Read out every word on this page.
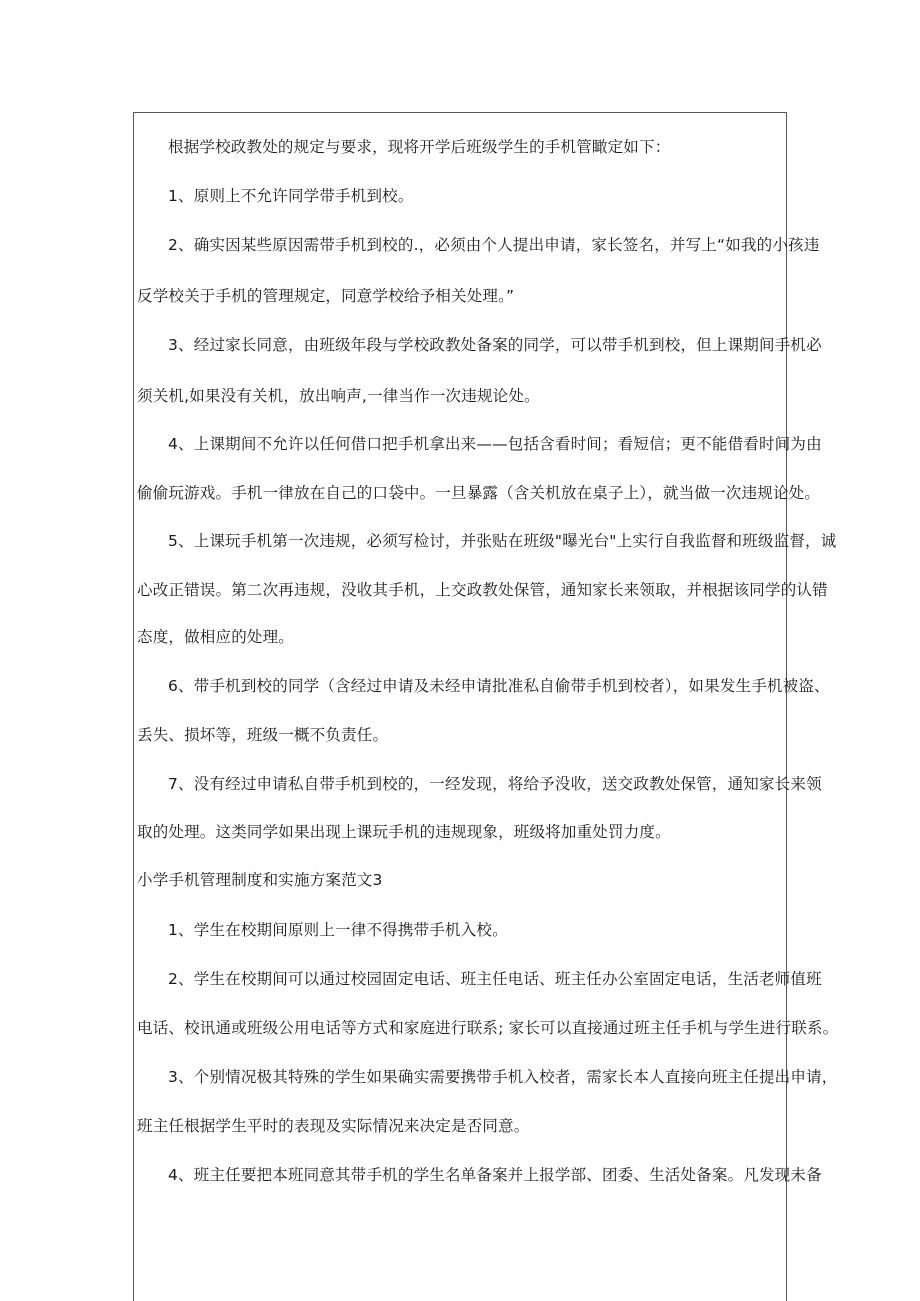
根据学校政教处的规定与要求，现将开学后班级学生的手机管瞰定如下：
1、原则上不允许同学带手机到校。
2、确实因某些原因需带手机到校的.，必须由个人提出申请，家长签名，并写上“如我的小孩违
反学校关于手机的管理规定，同意学校给予相关处理。”
3、经过家长同意，由班级年段与学校政教处备案的同学，可以带手机到校，但上课期间手机必
须关机,如果没有关机，放出响声,一律当作一次违规论处。
4、上课期间不允许以任何借口把手机拿出来——包括含看时间；看短信；更不能借看时间为由
偷偷玩游戏。手机一律放在自己的口袋中。一旦暴露（含关机放在桌子上），就当做一次违规论处。
5、上课玩手机第一次违规，必须写检讨，并张贴在班级"曝光台"上实行自我监督和班级监督，诚
心改正错误。第二次再违规，没收其手机，上交政教处保管，通知家长来领取，并根据该同学的认错
态度，做相应的处理。
6、带手机到校的同学（含经过申请及未经申请批准私自偷带手机到校者），如果发生手机被盗、
丢失、损坏等，班级一概不负责任。
7、没有经过申请私自带手机到校的，一经发现，将给予没收，送交政教处保管，通知家长来领
取的处理。这类同学如果出现上课玩手机的违规现象，班级将加重处罚力度。
小学手机管理制度和实施方案范文3
1、学生在校期间原则上一律不得携带手机入校。
2、学生在校期间可以通过校园固定电话、班主任电话、班主任办公室固定电话，生活老师值班
电话、校讯通或班级公用电话等方式和家庭进行联系; 家长可以直接通过班主任手机与学生进行联系。
3、个别情况极其特殊的学生如果确实需要携带手机入校者，需家长本人直接向班主任提出申请，
班主任根据学生平时的表现及实际情况来决定是否同意。
4、班主任要把本班同意其带手机的学生名单备案并上报学部、团委、生活处备案。凡发现未备
